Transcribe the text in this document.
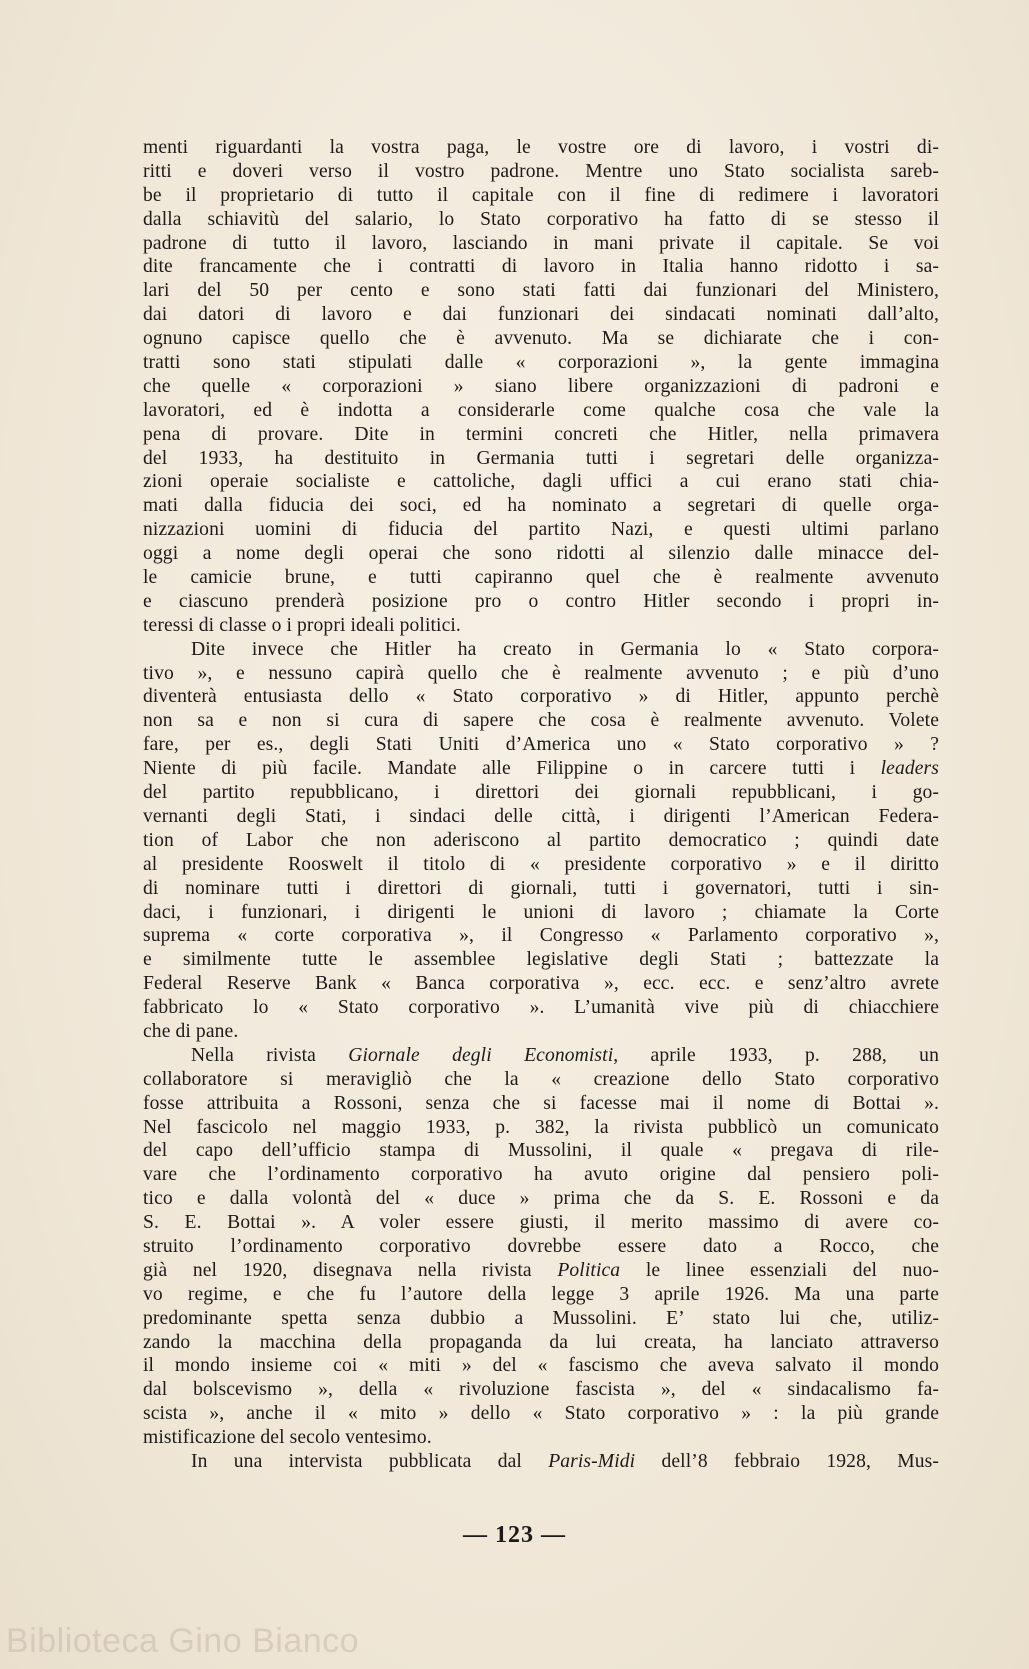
menti riguardanti la vostra paga, le vostre ore di lavoro, i vostri di-
ritti e doveri verso il vostro padrone. Mentre uno Stato socialista sareb-
be il proprietario di tutto il capitale con il fine di redimere i lavoratori
dalla schiavitù del salario, lo Stato corporativo ha fatto di se stesso il
padrone di tutto il lavoro, lasciando in mani private il capitale. Se voi
dite francamente che i contratti di lavoro in Italia hanno ridotto i sa-
lari del 50 per cento e sono stati fatti dai funzionari del Ministero,
dai datori di lavoro e dai funzionari dei sindacati nominati dall’alto,
ognuno capisce quello che è avvenuto. Ma se dichiarate che i con-
tratti sono stati stipulati dalle « corporazioni », la gente immagina
che quelle « corporazioni » siano libere organizzazioni di padroni e
lavoratori, ed è indotta a considerarle come qualche cosa che vale la
pena di provare. Dite in termini concreti che Hitler, nella primavera
del 1933, ha destituito in Germania tutti i segretari delle organizza-
zioni operaie socialiste e cattoliche, dagli uffici a cui erano stati chia-
mati dalla fiducia dei soci, ed ha nominato a segretari di quelle orga-
nizzazioni uomini di fiducia del partito Nazi, e questi ultimi parlano
oggi a nome degli operai che sono ridotti al silenzio dalle minacce del-
le camicie brune, e tutti capiranno quel che è realmente avvenuto
e ciascuno prenderà posizione pro o contro Hitler secondo i propri in-
teressi di classe o i propri ideali politici.

Dite invece che Hitler ha creato in Germania lo « Stato corpora-
tivo », e nessuno capirà quello che è realmente avvenuto ; e più d’uno
diventerà entusiasta dello « Stato corporativo » di Hitler, appunto perchè
non sa e non si cura di sapere che cosa è realmente avvenuto. Volete
fare, per es., degli Stati Uniti d’America uno « Stato corporativo » ?
Niente di più facile. Mandate alle Filippine o in carcere tutti i leaders
del partito repubblicano, i direttori dei giornali repubblicani, i go-
vernanti degli Stati, i sindaci delle città, i dirigenti l’American Federa-
tion of Labor che non aderiscono al partito democratico ; quindi date
al presidente Rooswelt il titolo di « presidente corporativo » e il diritto
di nominare tutti i direttori di giornali, tutti i governatori, tutti i sin-
daci, i funzionari, i dirigenti le unioni di lavoro ; chiamate la Corte
suprema « corte corporativa », il Congresso « Parlamento corporativo »,
e similmente tutte le assemblee legislative degli Stati ; battezzate la
Federal Reserve Bank « Banca corporativa », ecc. ecc. e senz’altro avrete
fabbricato lo « Stato corporativo ». L’umanità vive più di chiacchiere
che di pane.

Nella rivista Giornale degli Economisti, aprile 1933, p. 288, un
collaboratore si meravigliò che la « creazione dello Stato corporativo
fosse attribuita a Rossoni, senza che si facesse mai il nome di Bottai ».
Nel fascicolo nel maggio 1933, p. 382, la rivista pubblicò un comunicato
del capo dell’ufficio stampa di Mussolini, il quale « pregava di rile-
vare che l’ordinamento corporativo ha avuto origine dal pensiero poli-
tico e dalla volontà del « duce » prima che da S. E. Rossoni e da
S. E. Bottai ». A voler essere giusti, il merito massimo di avere co-
struito l’ordinamento corporativo dovrebbe essere dato a Rocco, che
già nel 1920, disegnava nella rivista Politica le linee essenziali del nuo-
vo regime, e che fu l’autore della legge 3 aprile 1926. Ma una parte
predominante spetta senza dubbio a Mussolini. E’ stato lui che, utiliz-
zando la macchina della propaganda da lui creata, ha lanciato attraverso
il mondo insieme coi « miti » del « fascismo che aveva salvato il mondo
dal bolscevismo », della « rivoluzione fascista », del « sindacalismo fa-
scista », anche il « mito » dello « Stato corporativo » : la più grande
mistificazione del secolo ventesimo.

In una intervista pubblicata dal Paris-Midi dell’8 febbraio 1928, Mus-

— 123 —
Biblioteca Gino Bianco
